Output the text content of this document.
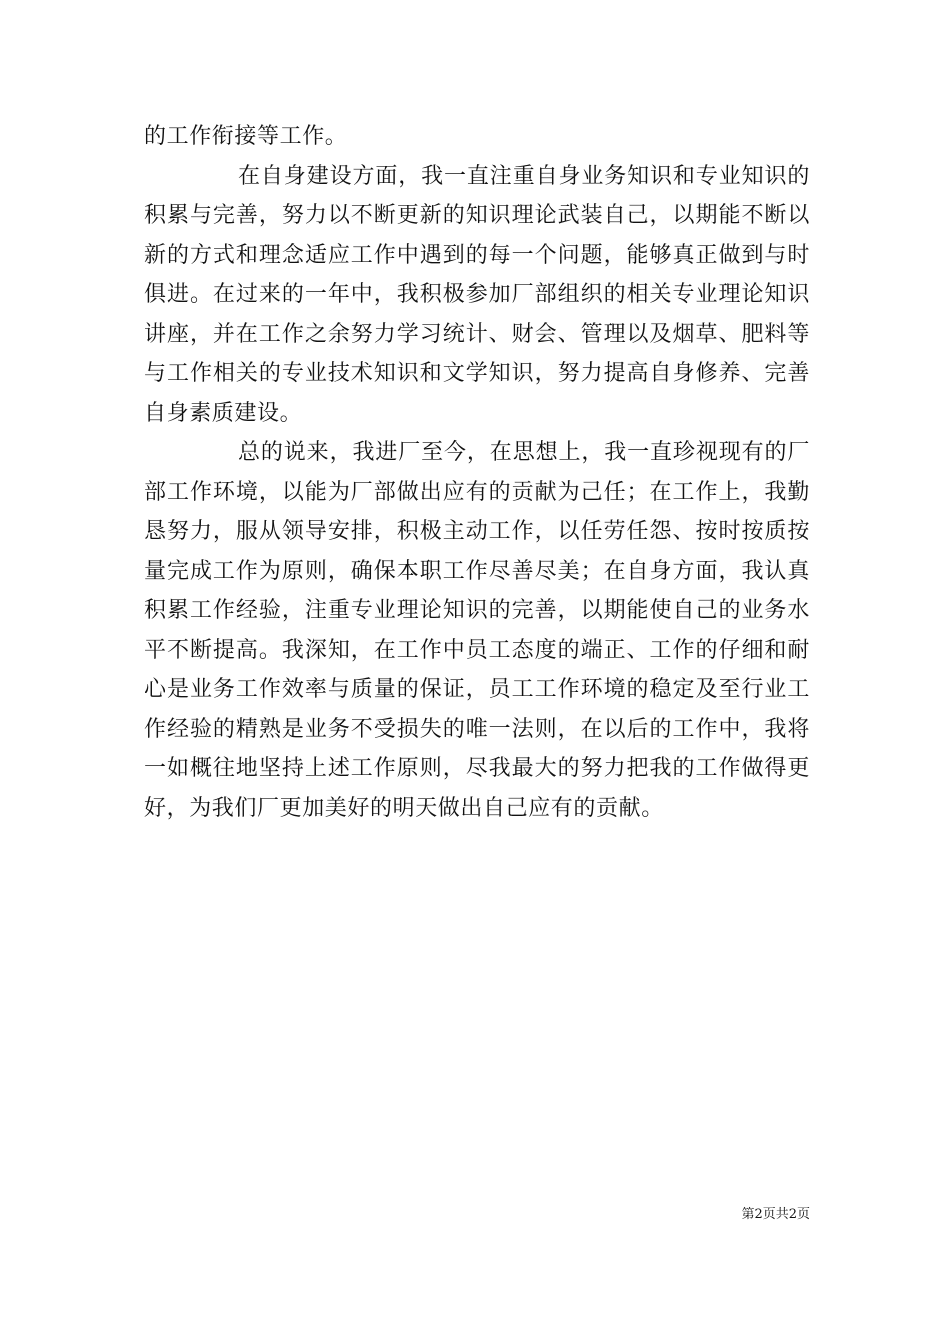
的工作衔接等工作。

在自身建设方面，我一直注重自身业务知识和专业知识的积累与完善，努力以不断更新的知识理论武装自己，以期能不断以新的方式和理念适应工作中遇到的每一个问题，能够真正做到与时俱进。在过来的一年中，我积极参加厂部组织的相关专业理论知识讲座，并在工作之余努力学习统计、财会、管理以及烟草、肥料等与工作相关的专业技术知识和文学知识，努力提高自身修养、完善自身素质建设。

总的说来，我进厂至今，在思想上，我一直珍视现有的厂部工作环境，以能为厂部做出应有的贡献为己任；在工作上，我勤恳努力，服从领导安排，积极主动工作，以任劳任怨、按时按质按量完成工作为原则，确保本职工作尽善尽美；在自身方面，我认真积累工作经验，注重专业理论知识的完善，以期能使自己的业务水平不断提高。我深知，在工作中员工态度的端正、工作的仔细和耐心是业务工作效率与质量的保证，员工工作环境的稳定及至行业工作经验的精熟是业务不受损失的唯一法则，在以后的工作中，我将一如概往地坚持上述工作原则，尽我最大的努力把我的工作做得更好，为我们厂更加美好的明天做出自己应有的贡献。

第2页共2页
